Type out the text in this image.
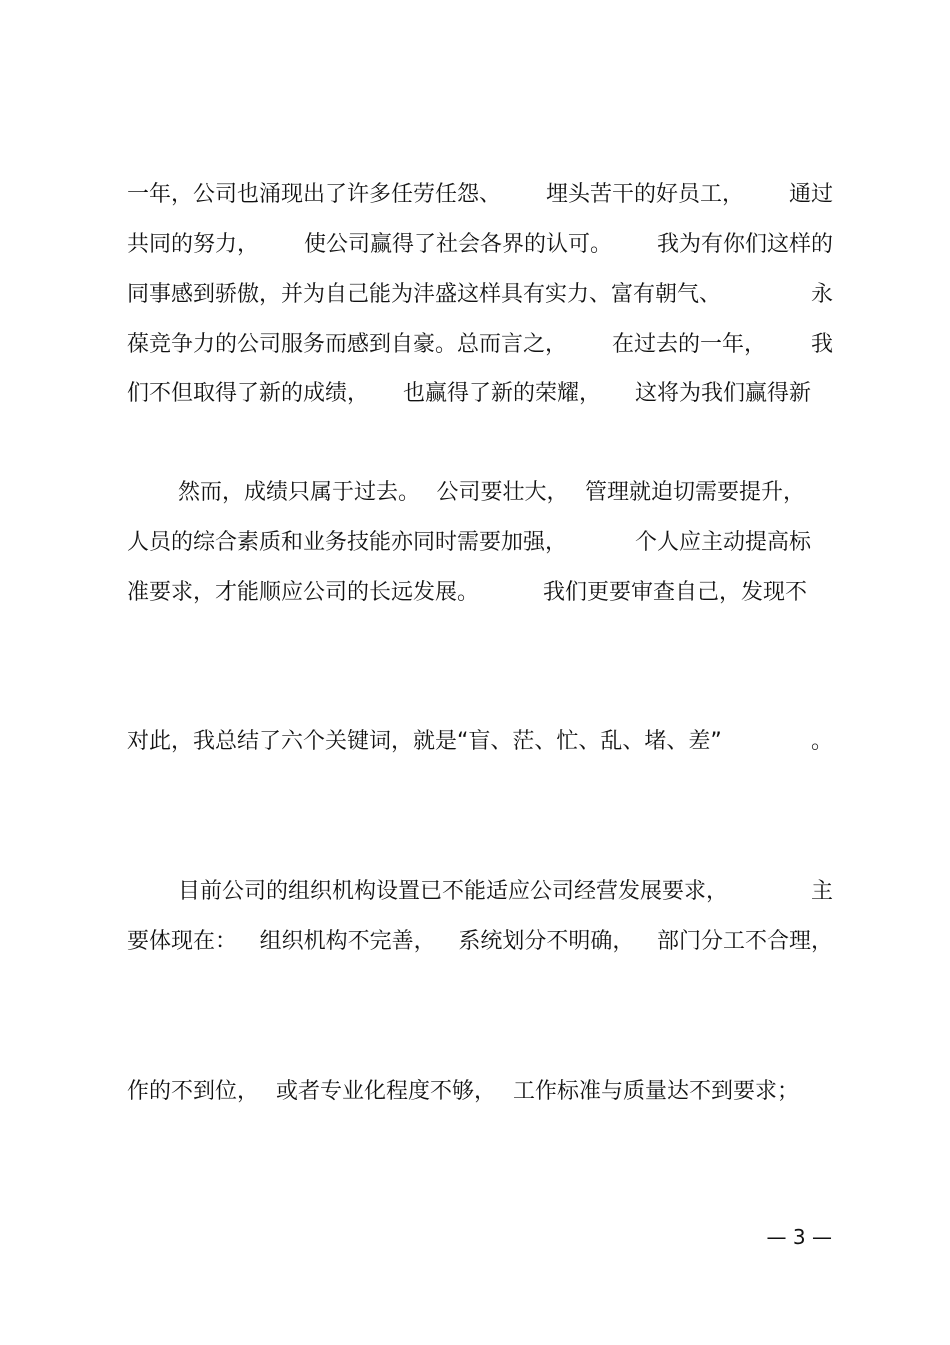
一年，公司也涌现出了许多任劳任怨、 埋头苦干的好员工， 通过
共同的努力， 使公司赢得了社会各界的认可。 我为有你们这样的
同事感到骄傲，并为自己能为沣盛这样具有实力、富有朝气、	永
葆竞争力的公司服务而感到自豪。总而言之， 在过去的一年， 我
们不但取得了新的成绩， 也赢得了新的荣耀， 这将为我们赢得新

然而，成绩只属于过去。 公司要壮大， 管理就迫切需要提升，
人员的综合素质和业务技能亦同时需要加强，	个人应主动提高标
准要求，才能顺应公司的长远发展。	我们更要审查自己，发现不

对此，我总结了六个关键词，就是“盲、茫、忙、乱、堵、差”	。

目前公司的组织机构设置已不能适应公司经营发展要求，	主
要体现在： 组织机构不完善， 系统划分不明确， 部门分工不合理，

作的不到位， 或者专业化程度不够， 工作标准与质量达不到要求；

— 3 —
